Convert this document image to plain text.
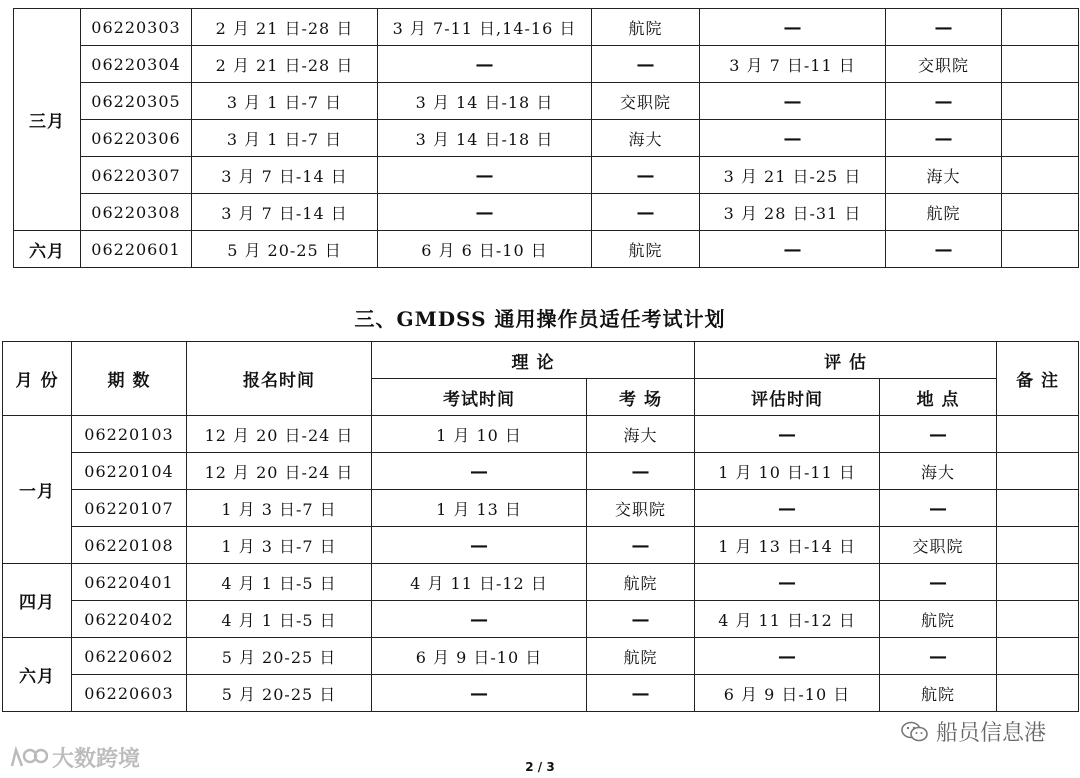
三月	06220303	2 月 21 日-28 日	3 月 7-11 日,14-16 日	航院	—	—	
	06220304	2 月 21 日-28 日	—	—	3 月 7 日-11 日	交职院	
	06220305	3 月 1 日-7 日	3 月 14 日-18 日	交职院	—	—	
	06220306	3 月 1 日-7 日	3 月 14 日-18 日	海大	—	—	
	06220307	3 月 7 日-14 日	—	—	3 月 21 日-25 日	海大	
	06220308	3 月 7 日-14 日	—	—	3 月 28 日-31 日	航院	
六月	06220601	5 月 20-25 日	6 月 6 日-10 日	航院	—	—	
三、GMDSS 通用操作员适任考试计划
月 份	期 数	报名时间	理 论		评 估		备 注
			考试时间	考 场	评估时间	地 点	
一月	06220103	12 月 20 日-24 日	1 月 10 日	海大	—	—	
	06220104	12 月 20 日-24 日	—	—	1 月 10 日-11 日	海大	
	06220107	1 月 3 日-7 日	1 月 13 日	交职院	—	—	
	06220108	1 月 3 日-7 日	—	—	1 月 13 日-14 日	交职院	
四月	06220401	4 月 1 日-5 日	4 月 11 日-12 日	航院	—	—	
	06220402	4 月 1 日-5 日	—	—	4 月 11 日-12 日	航院	
六月	06220602	5 月 20-25 日	6 月 9 日-10 日	航院	—	—	
	06220603	5 月 20-25 日	—	—	6 月 9 日-10 日	航院	
船员信息港
大数跨境	2 / 3
